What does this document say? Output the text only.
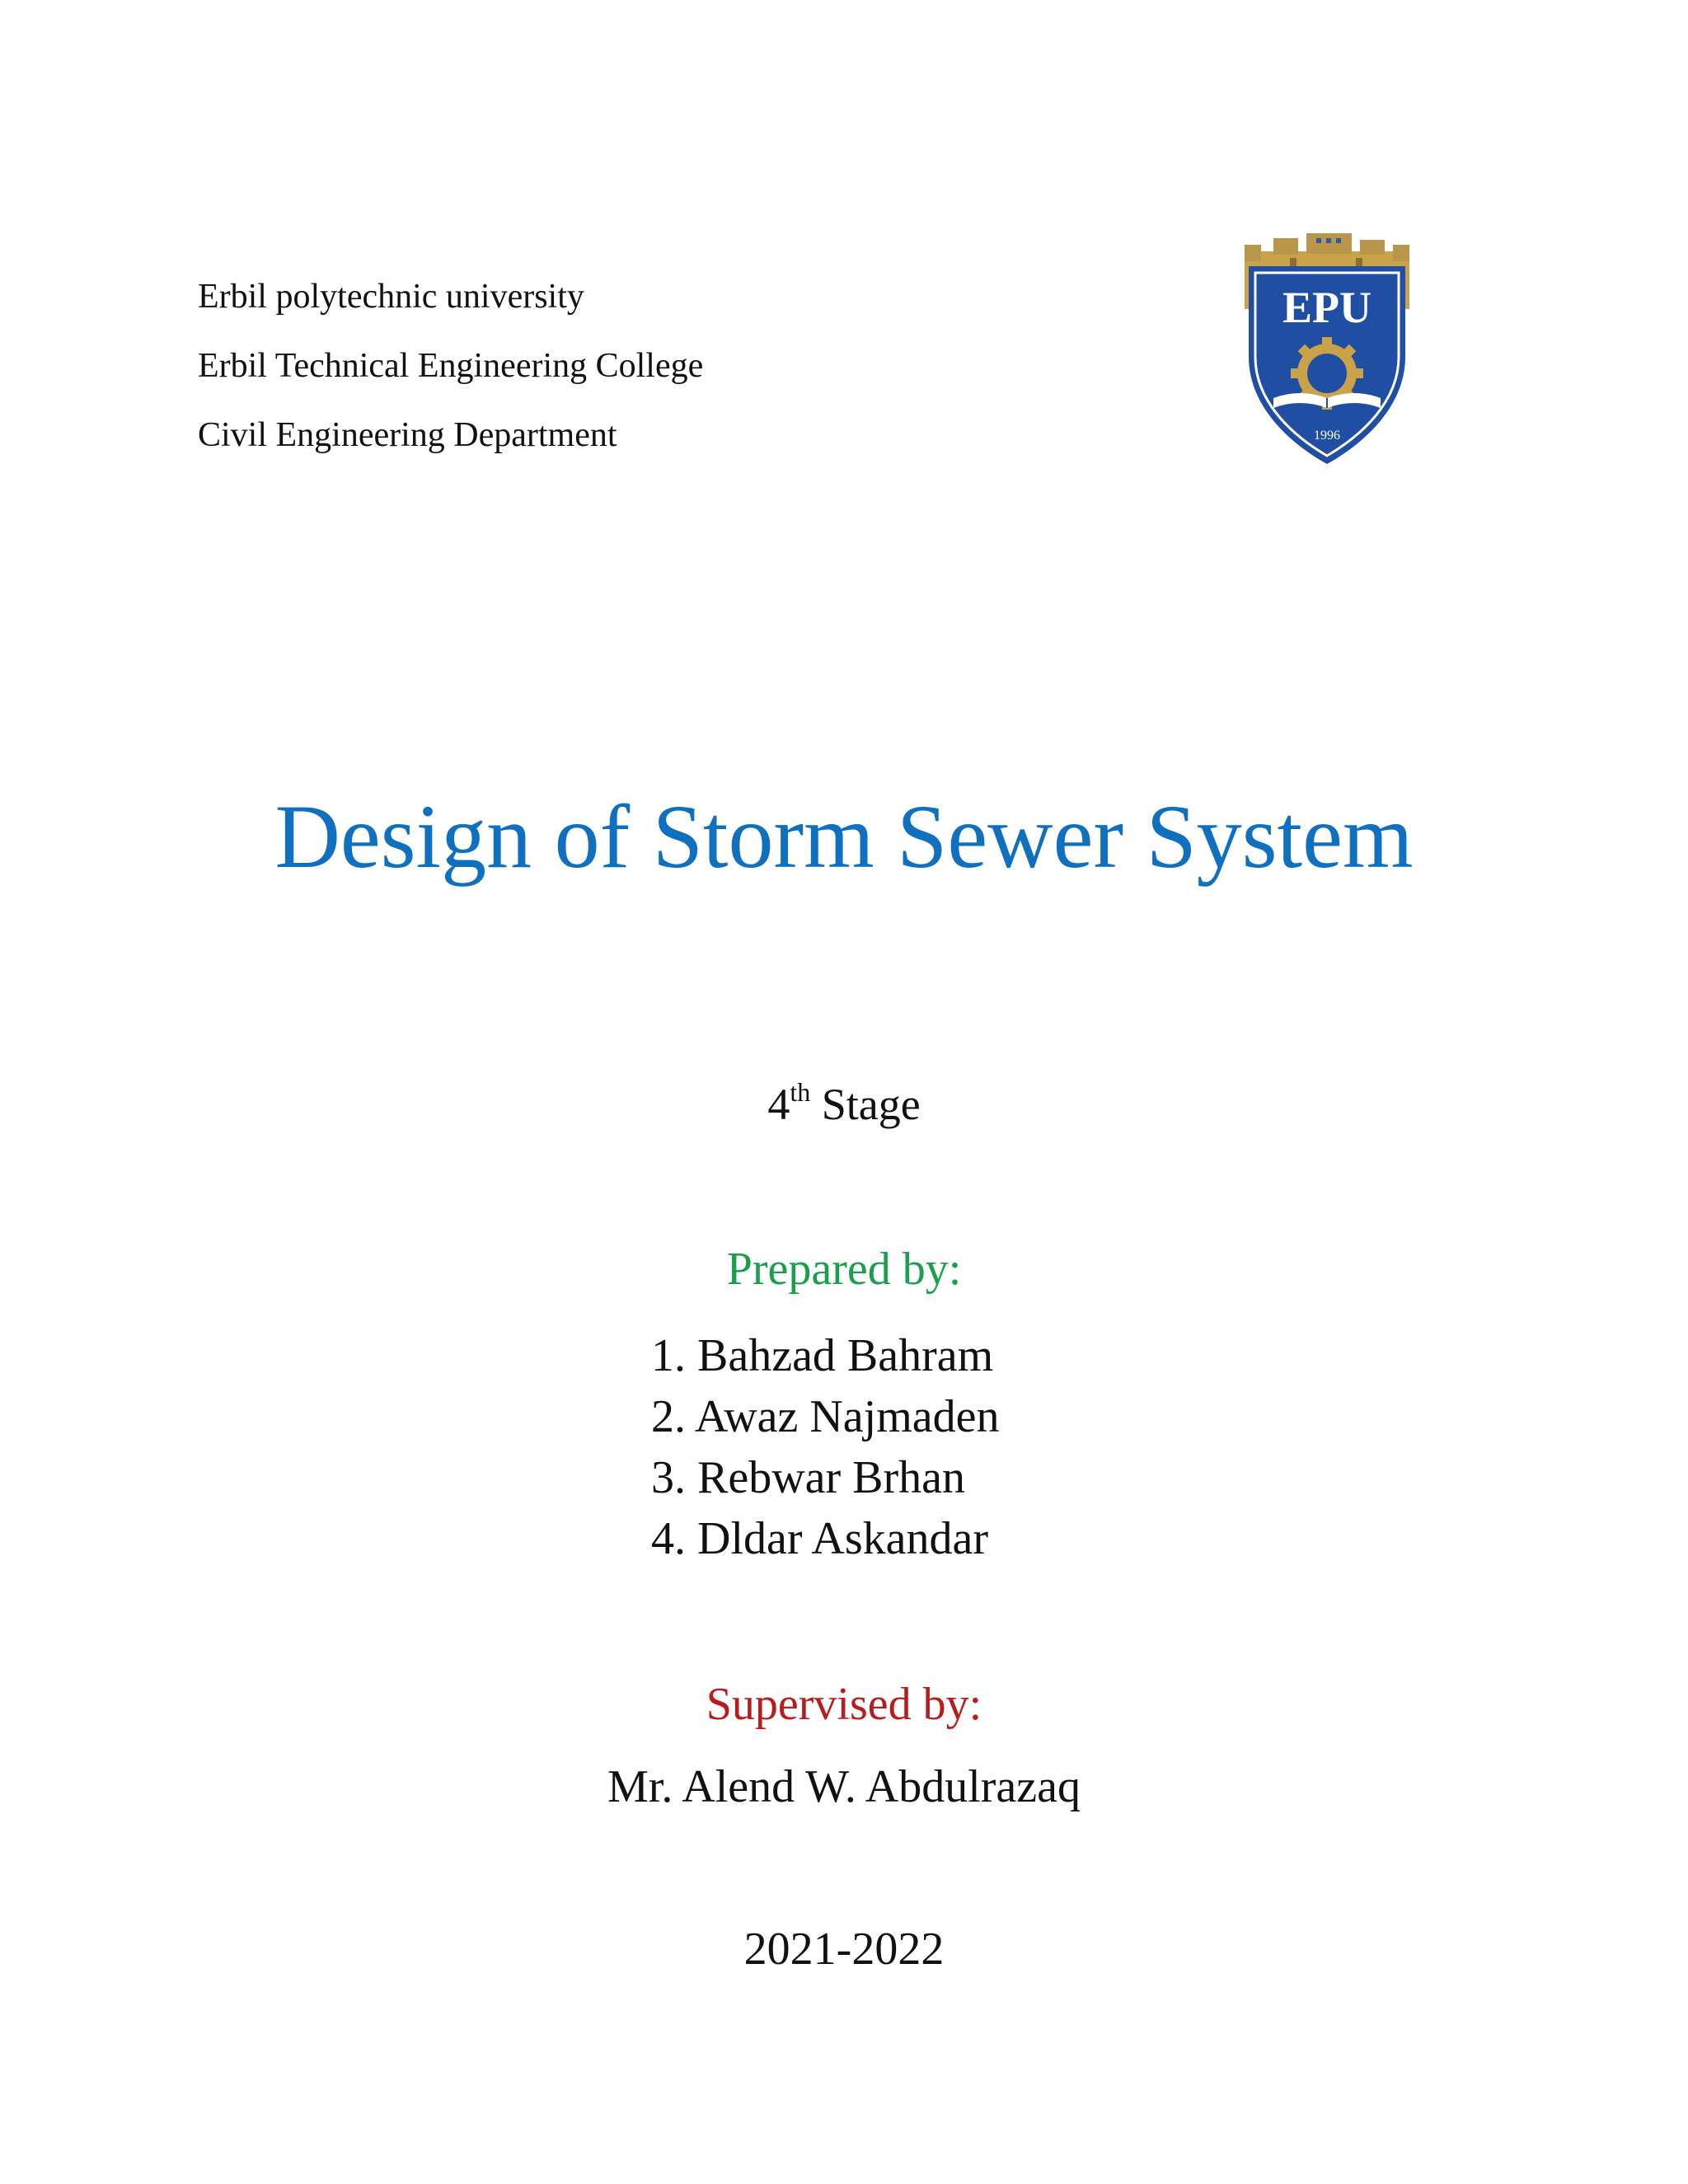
Erbil polytechnic university
Erbil Technical Engineering College
Civil Engineering Department
EPU
1996
Design of Storm Sewer System
4th Stage
Prepared by:
1. Bahzad Bahram
2. Awaz Najmaden
3. Rebwar Brhan
4. Dldar Askandar
Supervised by:
Mr. Alend W. Abdulrazaq
2021-2022
